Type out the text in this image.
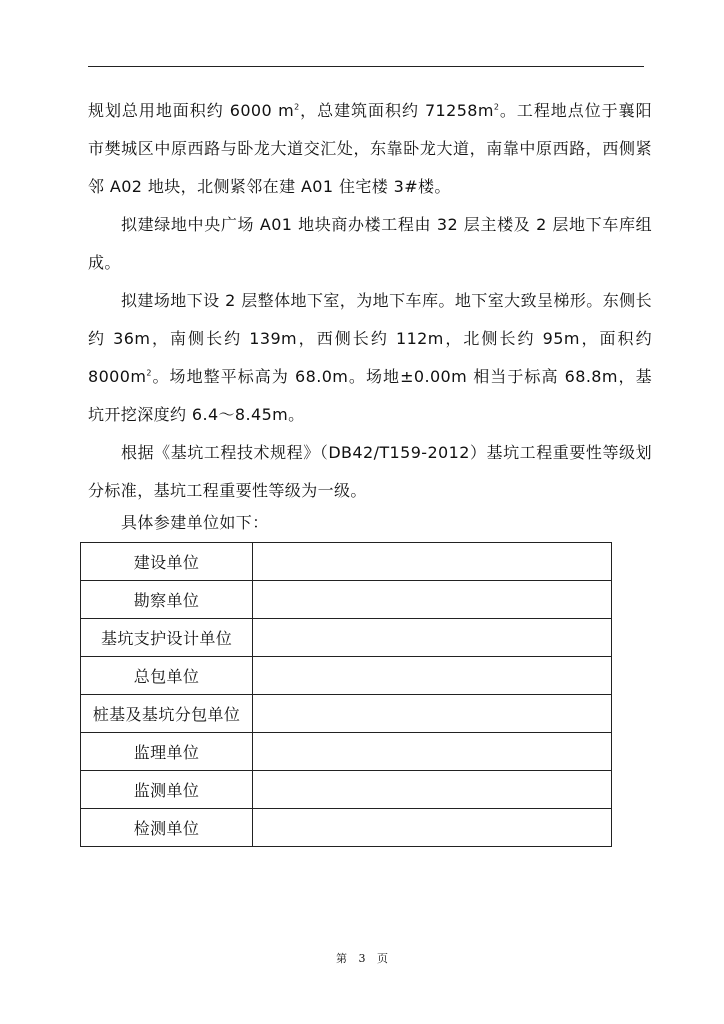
规划总用地面积约 6000 $m^2$，总建筑面积约 $71258m^2$。工程地点位于襄阳市樊城区中原西路与卧龙大道交汇处，东靠卧龙大道，南靠中原西路，西侧紧邻 A02 地块，北侧紧邻在建 A01 住宅楼 3#楼。

拟建绿地中央广场 A01 地块商办楼工程由 32 层主楼及 2 层地下车库组成。

拟建场地下设 2 层整体地下室，为地下车库。地下室大致呈梯形。东侧长约 36m，南侧长约 139m，西侧长约 112m，北侧长约 95m，面积约 $8000m^2$。场地整平标高为 68.0m。场地±0.00m 相当于标高 68.8m，基坑开挖深度约 6.4～8.45m。

根据《基坑工程技术规程》（DB42/T159-2012）基坑工程重要性等级划分标准，基坑工程重要性等级为一级。

具体参建单位如下：
建设单位	
勘察单位	
基坑支护设计单位	
总包单位	
桩基及基坑分包单位	
监理单位	
监测单位	
检测单位	
第 3 页
